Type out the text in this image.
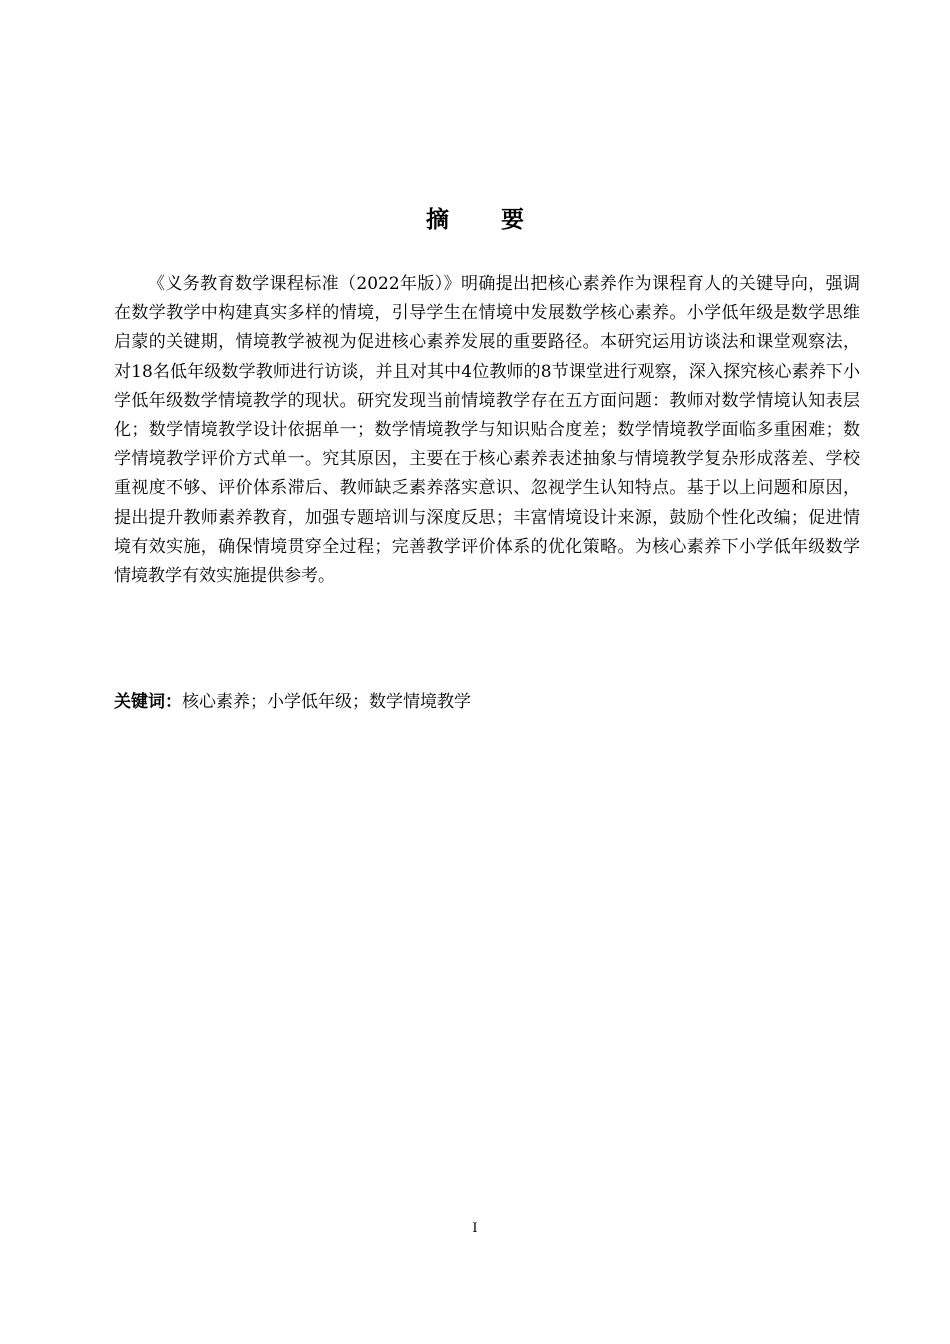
摘 要

《义务教育数学课程标准（2022年版）》明确提出把核心素养作为课程育人的关键导向，强调在数学教学中构建真实多样的情境，引导学生在情境中发展数学核心素养。小学低年级是数学思维启蒙的关键期，情境教学被视为促进核心素养发展的重要路径。本研究运用访谈法和课堂观察法，对18名低年级数学教师进行访谈，并且对其中4位教师的8节课堂进行观察，深入探究核心素养下小学低年级数学情境教学的现状。研究发现当前情境教学存在五方面问题：教师对数学情境认知表层化；数学情境教学设计依据单一；数学情境教学与知识贴合度差；数学情境教学面临多重困难；数学情境教学评价方式单一。究其原因，主要在于核心素养表述抽象与情境教学复杂形成落差、学校重视度不够、评价体系滞后、教师缺乏素养落实意识、忽视学生认知特点。基于以上问题和原因，提出提升教师素养教育，加强专题培训与深度反思；丰富情境设计来源，鼓励个性化改编；促进情境有效实施，确保情境贯穿全过程；完善教学评价体系的优化策略。为核心素养下小学低年级数学情境教学有效实施提供参考。

关键词：核心素养；小学低年级；数学情境教学

I
